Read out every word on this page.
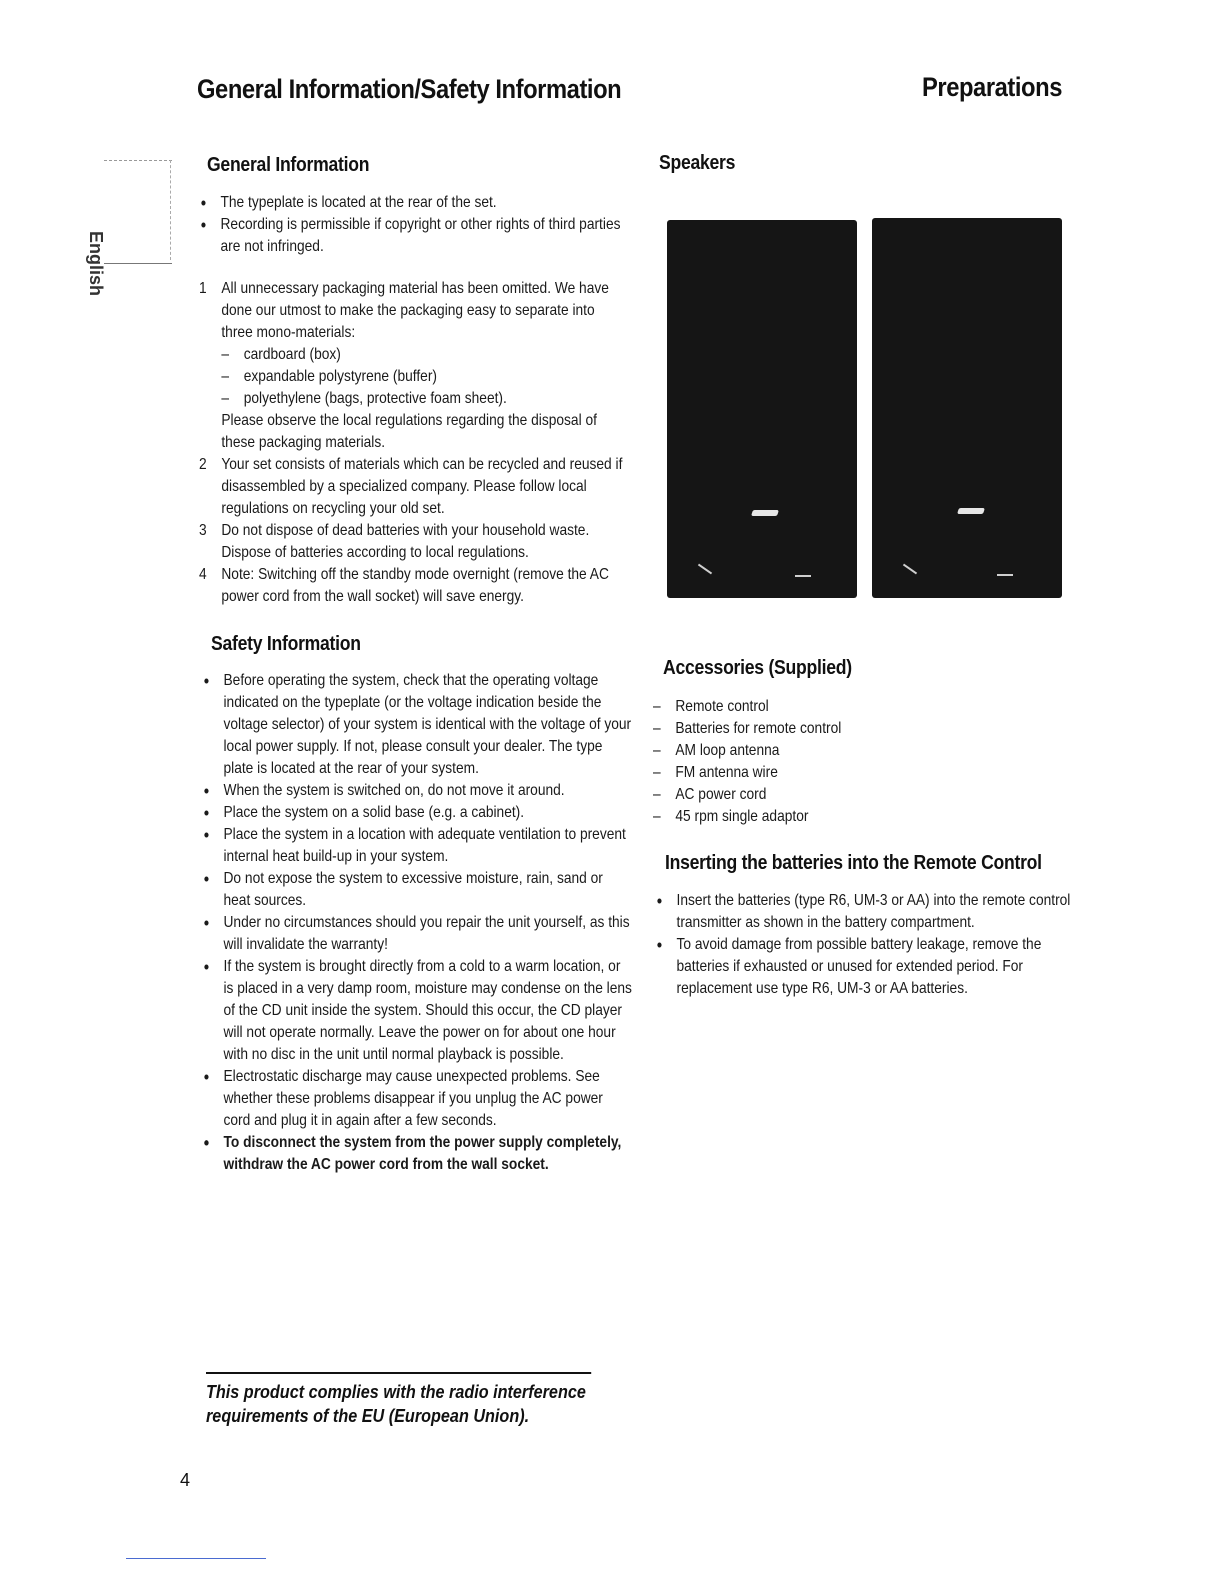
General Information/Safety Information	Preparations
English
General Information
• The typeplate is located at the rear of the set.
• Recording is permissible if copyright or other rights of third parties are not infringed.
1 All unnecessary packaging material has been omitted. We have done our utmost to make the packaging easy to separate into three mono-materials:
– cardboard (box)
– expandable polystyrene (buffer)
– polyethylene (bags, protective foam sheet).
Please observe the local regulations regarding the disposal of these packaging materials.
2 Your set consists of materials which can be recycled and reused if disassembled by a specialized company. Please follow local regulations on recycling your old set.
3 Do not dispose of dead batteries with your household waste. Dispose of batteries according to local regulations.
4 Note: Switching off the standby mode overnight (remove the AC power cord from the wall socket) will save energy.
Safety Information
• Before operating the system, check that the operating voltage indicated on the typeplate (or the voltage indication beside the voltage selector) of your system is identical with the voltage of your local power supply. If not, please consult your dealer. The type plate is located at the rear of your system.
• When the system is switched on, do not move it around.
• Place the system on a solid base (e.g. a cabinet).
• Place the system in a location with adequate ventilation to prevent internal heat build-up in your system.
• Do not expose the system to excessive moisture, rain, sand or heat sources.
• Under no circumstances should you repair the unit yourself, as this will invalidate the warranty!
• If the system is brought directly from a cold to a warm location, or is placed in a very damp room, moisture may condense on the lens of the CD unit inside the system. Should this occur, the CD player will not operate normally. Leave the power on for about one hour with no disc in the unit until normal playback is possible.
• Electrostatic discharge may cause unexpected problems. See whether these problems disappear if you unplug the AC power cord and plug it in again after a few seconds.
• To disconnect the system from the power supply completely, withdraw the AC power cord from the wall socket.
This product complies with the radio interference requirements of the EU (European Union).
4
Speakers
Accessories (Supplied)
– Remote control
– Batteries for remote control
– AM loop antenna
– FM antenna wire
– AC power cord
– 45 rpm single adaptor
Inserting the batteries into the Remote Control
• Insert the batteries (type R6, UM-3 or AA) into the remote control transmitter as shown in the battery compartment.
• To avoid damage from possible battery leakage, remove the batteries if exhausted or unused for extended period. For replacement use type R6, UM-3 or AA batteries.
